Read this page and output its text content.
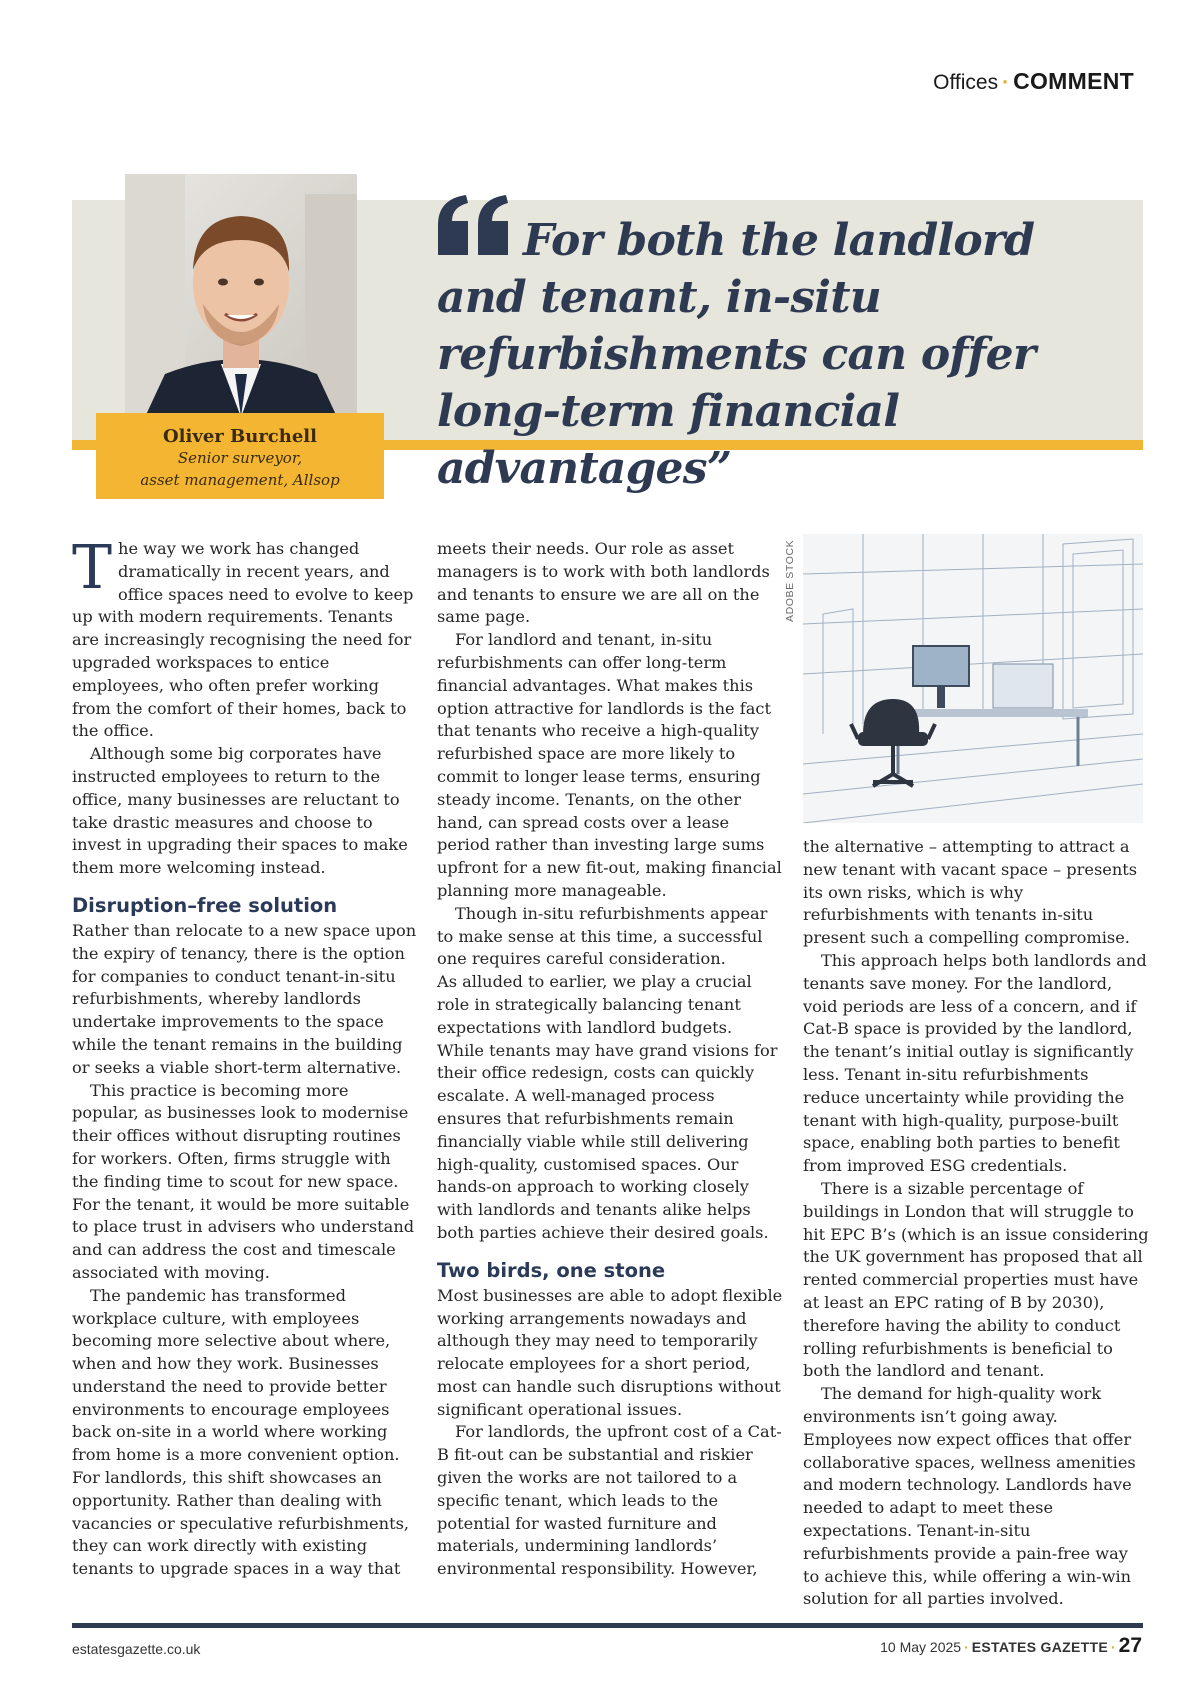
Offices · COMMENT
Oliver Burchell
Senior surveyor,
asset management, Allsop

For both the landlord and tenant, in-situ refurbishments can offer long-term financial advantages”

The way we work has changed dramatically in recent years, and office spaces need to evolve to keep up with modern requirements. Tenants are increasingly recognising the need for upgraded workspaces to entice employees, who often prefer working from the comfort of their homes, back to the office.

Although some big corporates have instructed employees to return to the office, many businesses are reluctant to take drastic measures and choose to invest in upgrading their spaces to make them more welcoming instead.

Disruption–free solution

Rather than relocate to a new space upon the expiry of tenancy, there is the option for companies to conduct tenant-in-situ refurbishments, whereby landlords undertake improvements to the space while the tenant remains in the building or seeks a viable short-term alternative.

This practice is becoming more popular, as businesses look to modernise their offices without disrupting routines for workers. Often, firms struggle with the finding time to scout for new space. For the tenant, it would be more suitable to place trust in advisers who understand and can address the cost and timescale associated with moving.

The pandemic has transformed workplace culture, with employees becoming more selective about where, when and how they work. Businesses understand the need to provide better environments to encourage employees back on-site in a world where working from home is a more convenient option. For landlords, this shift showcases an opportunity. Rather than dealing with vacancies or speculative refurbishments, they can work directly with existing tenants to upgrade spaces in a way that

meets their needs. Our role as asset managers is to work with both landlords and tenants to ensure we are all on the same page.

For landlord and tenant, in-situ refurbishments can offer long-term financial advantages. What makes this option attractive for landlords is the fact that tenants who receive a high-quality refurbished space are more likely to commit to longer lease terms, ensuring steady income. Tenants, on the other hand, can spread costs over a lease period rather than investing large sums upfront for a new fit-out, making financial planning more manageable.

Though in-situ refurbishments appear to make sense at this time, a successful one requires careful consideration.

As alluded to earlier, we play a crucial role in strategically balancing tenant expectations with landlord budgets. While tenants may have grand visions for their office redesign, costs can quickly escalate. A well-managed process ensures that refurbishments remain financially viable while still delivering high-quality, customised spaces. Our hands-on approach to working closely with landlords and tenants alike helps both parties achieve their desired goals.

Two birds, one stone

Most businesses are able to adopt flexible working arrangements nowadays and although they may need to temporarily relocate employees for a short period, most can handle such disruptions without significant operational issues.

For landlords, the upfront cost of a Cat-B fit-out can be substantial and riskier given the works are not tailored to a specific tenant, which leads to the potential for wasted furniture and materials, undermining landlords’ environmental responsibility. However,

ADOBE STOCK

the alternative – attempting to attract a new tenant with vacant space – presents its own risks, which is why refurbishments with tenants in-situ present such a compelling compromise.

This approach helps both landlords and tenants save money. For the landlord, void periods are less of a concern, and if Cat-B space is provided by the landlord, the tenant’s initial outlay is significantly less. Tenant in-situ refurbishments reduce uncertainty while providing the tenant with high-quality, purpose-built space, enabling both parties to benefit from improved ESG credentials.

There is a sizable percentage of buildings in London that will struggle to hit EPC B’s (which is an issue considering the UK government has proposed that all rented commercial properties must have at least an EPC rating of B by 2030), therefore having the ability to conduct rolling refurbishments is beneficial to both the landlord and tenant.

The demand for high-quality work environments isn’t going away. Employees now expect offices that offer collaborative spaces, wellness amenities and modern technology. Landlords have needed to adapt to meet these expectations. Tenant-in-situ refurbishments provide a pain-free way to achieve this, while offering a win-win solution for all parties involved.

estatesgazette.co.uk	10 May 2025 · ESTATES GAZETTE · 27
